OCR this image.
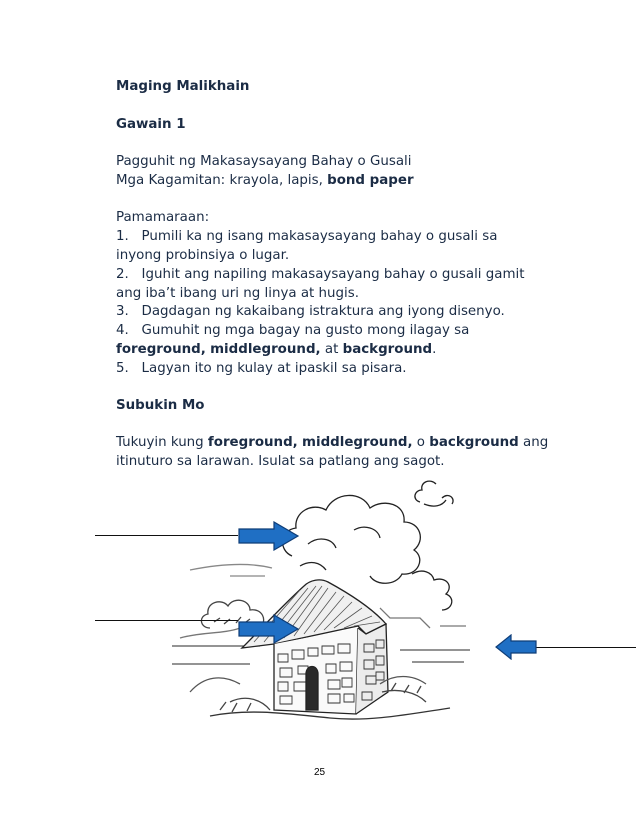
Maging Malikhain
Gawain 1
Pagguhit ng Makasaysayang Bahay o Gusali
Mga Kagamitan: krayola, lapis, bond paper
Pamamaraan:
1.   Pumili ka ng isang makasaysayang bahay o gusali sa
inyong probinsiya o lugar.
2.   Iguhit ang napiling makasaysayang bahay o gusali gamit
ang iba’t ibang uri ng linya at hugis.
3.   Dagdagan ng kakaibang istraktura ang iyong disenyo.
4.   Gumuhit ng mga bagay na gusto mong ilagay sa
foreground, middleground, at background.
5.   Lagyan ito ng kulay at ipaskil sa pisara.
Subukin Mo
Tukuyin kung foreground, middleground, o background ang
itinuturo sa larawan. Isulat sa patlang ang sagot.
25
